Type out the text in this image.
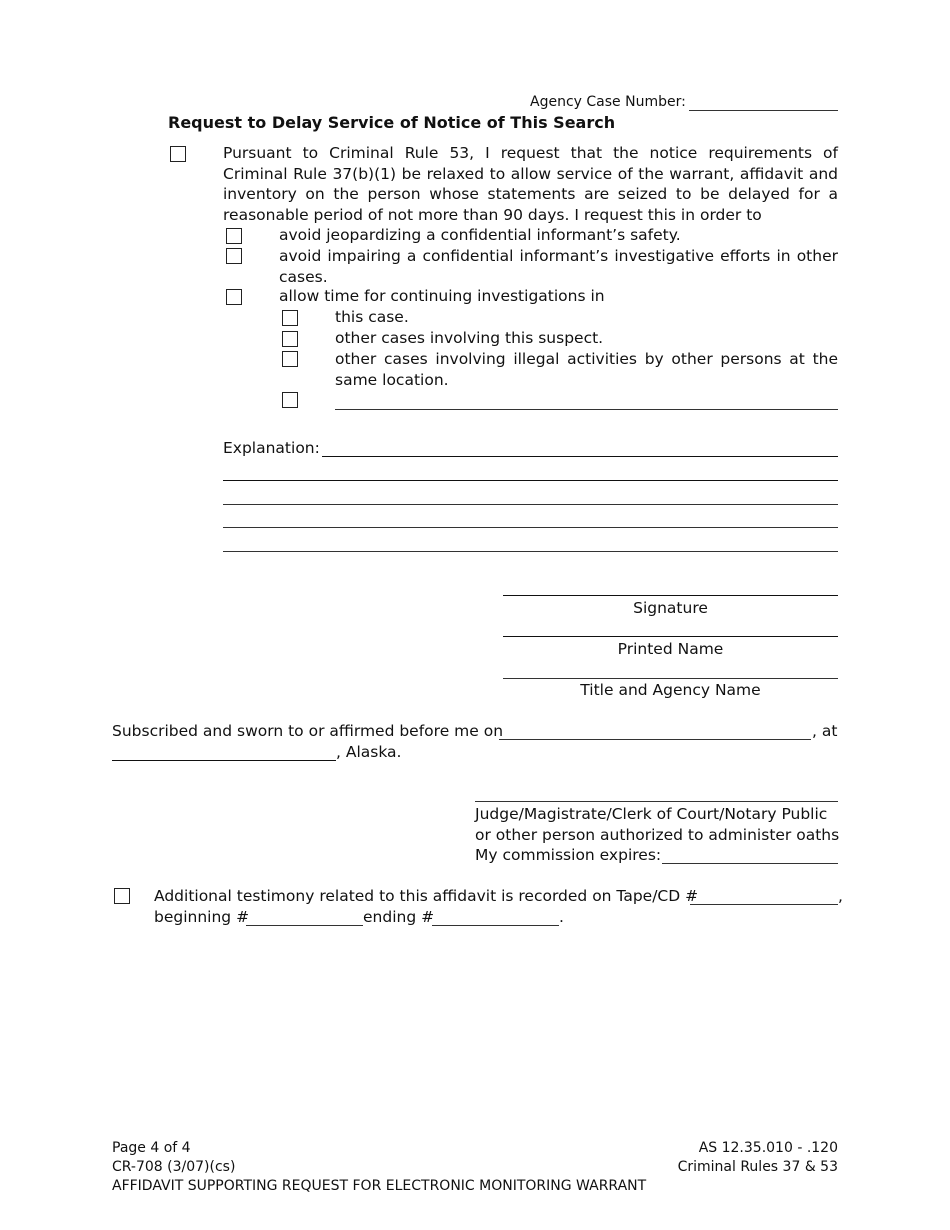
Agency Case Number:
Request to Delay Service of Notice of This Search
Pursuant to Criminal Rule 53, I request that the notice requirements of Criminal Rule 37(b)(1) be relaxed to allow service of the warrant, affidavit and inventory on the person whose statements are seized to be delayed for a reasonable period of not more than 90 days. I request this in order to
avoid jeopardizing a confidential informant’s safety.
avoid impairing a confidential informant’s investigative efforts in other cases.
allow time for continuing investigations in
this case.
other cases involving this suspect.
other cases involving illegal activities by other persons at the same location.
Explanation:
Signature
Printed Name
Title and Agency Name
Subscribed and sworn to or affirmed before me on	, at
, Alaska.
Judge/Magistrate/Clerk of Court/Notary Public
or other person authorized to administer oaths
My commission expires:
Additional testimony related to this affidavit is recorded on Tape/CD #	,
beginning #	ending #	.
Page 4 of 4
CR-708 (3/07)(cs)
AFFIDAVIT SUPPORTING REQUEST FOR ELECTRONIC MONITORING WARRANT
AS 12.35.010 - .120
Criminal Rules 37 & 53
